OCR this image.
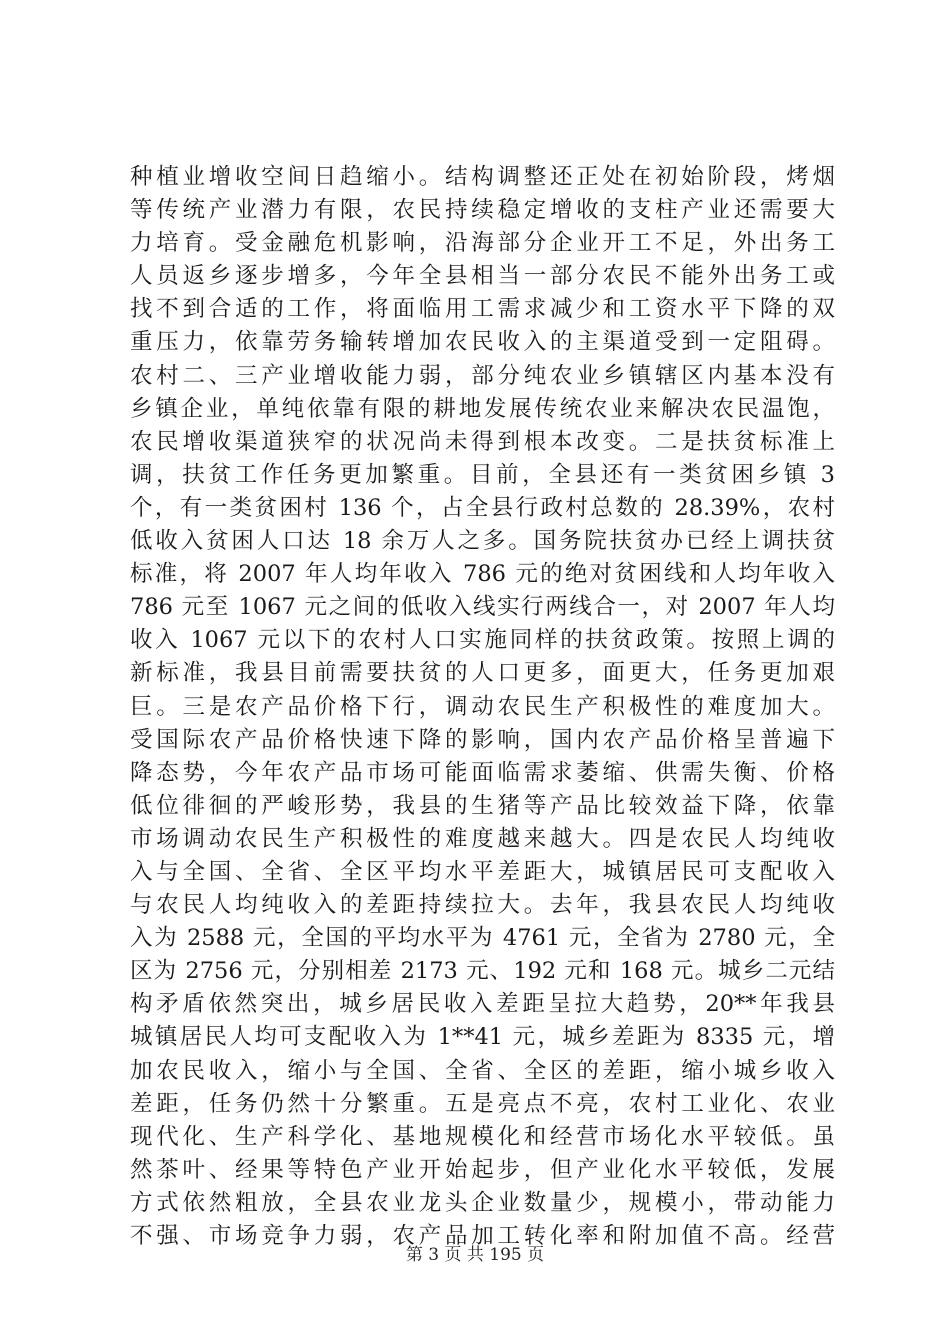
种植业增收空间日趋缩小。结构调整还正处在初始阶段，烤烟
等传统产业潜力有限，农民持续稳定增收的支柱产业还需要大
力培育。受金融危机影响，沿海部分企业开工不足，外出务工
人员返乡逐步增多，今年全县相当一部分农民不能外出务工或
找不到合适的工作，将面临用工需求减少和工资水平下降的双
重压力，依靠劳务输转增加农民收入的主渠道受到一定阻碍。
农村二、三产业增收能力弱，部分纯农业乡镇辖区内基本没有
乡镇企业，单纯依靠有限的耕地发展传统农业来解决农民温饱，
农民增收渠道狭窄的状况尚未得到根本改变。二是扶贫标准上
调，扶贫工作任务更加繁重。目前，全县还有一类贫困乡镇 3
个，有一类贫困村 136 个，占全县行政村总数的 28.39%，农村
低收入贫困人口达 18 余万人之多。国务院扶贫办已经上调扶贫
标准，将 2007 年人均年收入 786 元的绝对贫困线和人均年收入
786 元至 1067 元之间的低收入线实行两线合一，对 2007 年人均
收入 1067 元以下的农村人口实施同样的扶贫政策。按照上调的
新标准，我县目前需要扶贫的人口更多，面更大，任务更加艰
巨。三是农产品价格下行，调动农民生产积极性的难度加大。
受国际农产品价格快速下降的影响，国内农产品价格呈普遍下
降态势，今年农产品市场可能面临需求萎缩、供需失衡、价格
低位徘徊的严峻形势，我县的生猪等产品比较效益下降，依靠
市场调动农民生产积极性的难度越来越大。四是农民人均纯收
入与全国、全省、全区平均水平差距大，城镇居民可支配收入
与农民人均纯收入的差距持续拉大。去年，我县农民人均纯收
入为 2588 元，全国的平均水平为 4761 元，全省为 2780 元，全
区为 2756 元，分别相差 2173 元、192 元和 168 元。城乡二元结
构矛盾依然突出，城乡居民收入差距呈拉大趋势，20**年我县
城镇居民人均可支配收入为 1**41 元，城乡差距为 8335 元，增
加农民收入，缩小与全国、全省、全区的差距，缩小城乡收入
差距，任务仍然十分繁重。五是亮点不亮，农村工业化、农业
现代化、生产科学化、基地规模化和经营市场化水平较低。虽
然茶叶、经果等特色产业开始起步，但产业化水平较低，发展
方式依然粗放，全县农业龙头企业数量少，规模小，带动能力
不强、市场竞争力弱，农产品加工转化率和附加值不高。经营
第 3 页 共 195 页
